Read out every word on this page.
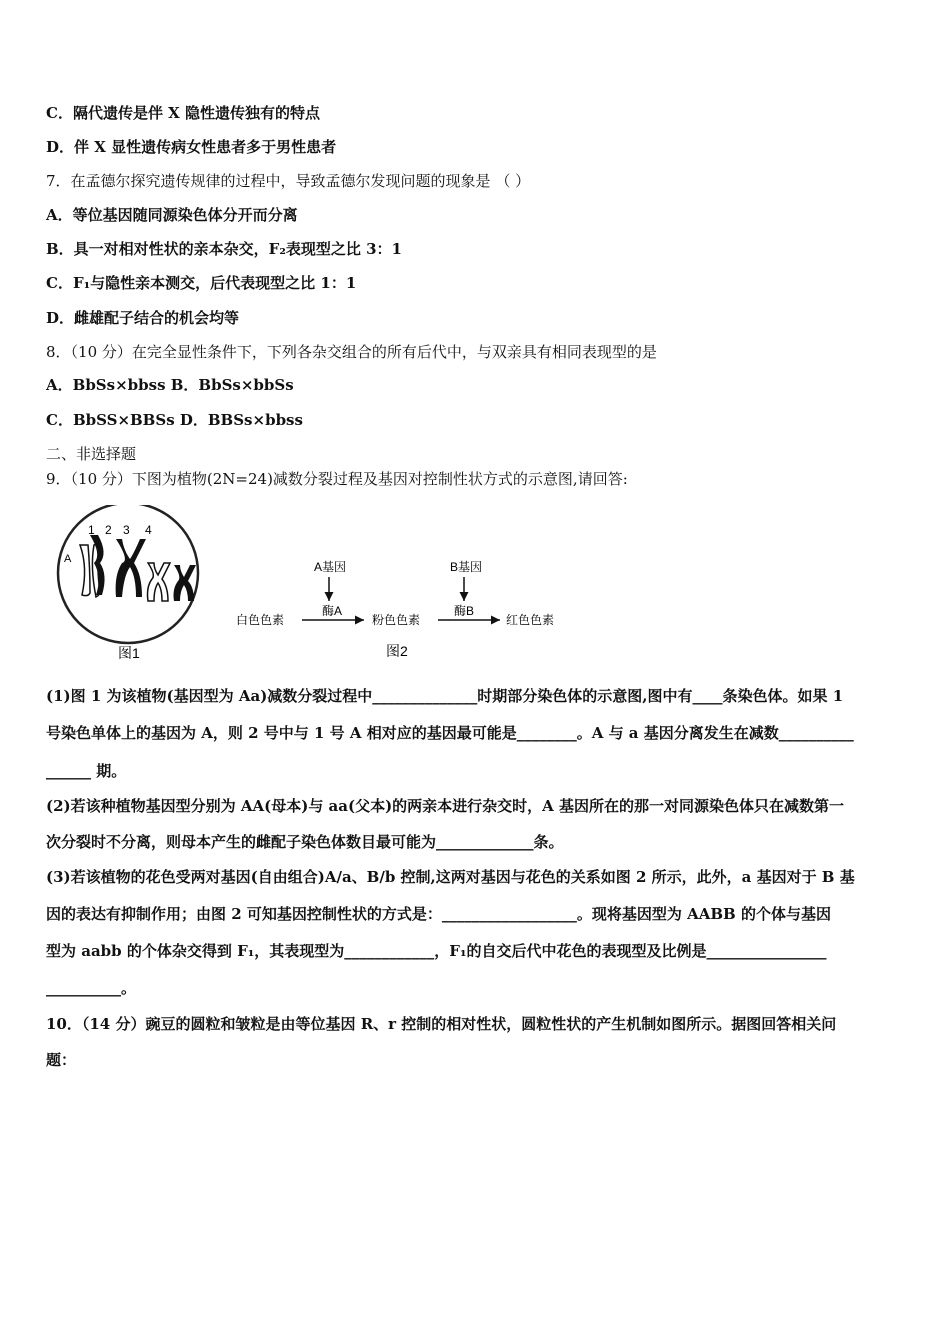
C．隔代遗传是伴 X 隐性遗传独有的特点
D．伴 X 显性遗传病女性患者多于男性患者
7．在孟德尔探究遗传规律的过程中，导致孟德尔发现问题的现象是 （ ）
A．等位基因随同源染色体分开而分离
B．具一对相对性状的亲本杂交，F₂表现型之比 3：1
C．F₁与隐性亲本测交，后代表现型之比 1：1
D．雌雄配子结合的机会均等
8．（10 分）在完全显性条件下，下列各杂交组合的所有后代中，与双亲具有相同表现型的是
A．BbSs×bbss B．BbSs×bbSs
C．BbSS×BBSs D．BBSs×bbss
二、非选择题
9．（10 分）下图为植物(2N=24)减数分裂过程及基因对控制性状方式的示意图,请回答:
1 2 3 4
A
图1
A基因	B基因
酶A	酶B
白色色素	粉色色素	红色色素
图2
(1)图 1 为该植物(基因型为 Aa)减数分裂过程中______________时期部分染色体的示意图,图中有____条染色体。如果 1
号染色单体上的基因为 A，则 2 号中与 1 号 A 相对应的基因最可能是________。A 与 a 基因分离发生在减数__________
______ 期。
(2)若该种植物基因型分别为 AA(母本)与 aa(父本)的两亲本进行杂交时，A 基因所在的那一对同源染色体只在减数第一
次分裂时不分离，则母本产生的雌配子染色体数目最可能为_____________条。
(3)若该植物的花色受两对基因(自由组合)A/a、B/b 控制,这两对基因与花色的关系如图 2 所示，此外，a 基因对于 B 基
因的表达有抑制作用；由图 2 可知基因控制性状的方式是：__________________。现将基因型为 AABB 的个体与基因
型为 aabb 的个体杂交得到 F₁，其表现型为____________，F₁的自交后代中花色的表现型及比例是________________
__________。
10．（14 分）豌豆的圆粒和皱粒是由等位基因 R、r 控制的相对性状，圆粒性状的产生机制如图所示。据图回答相关问
题：
